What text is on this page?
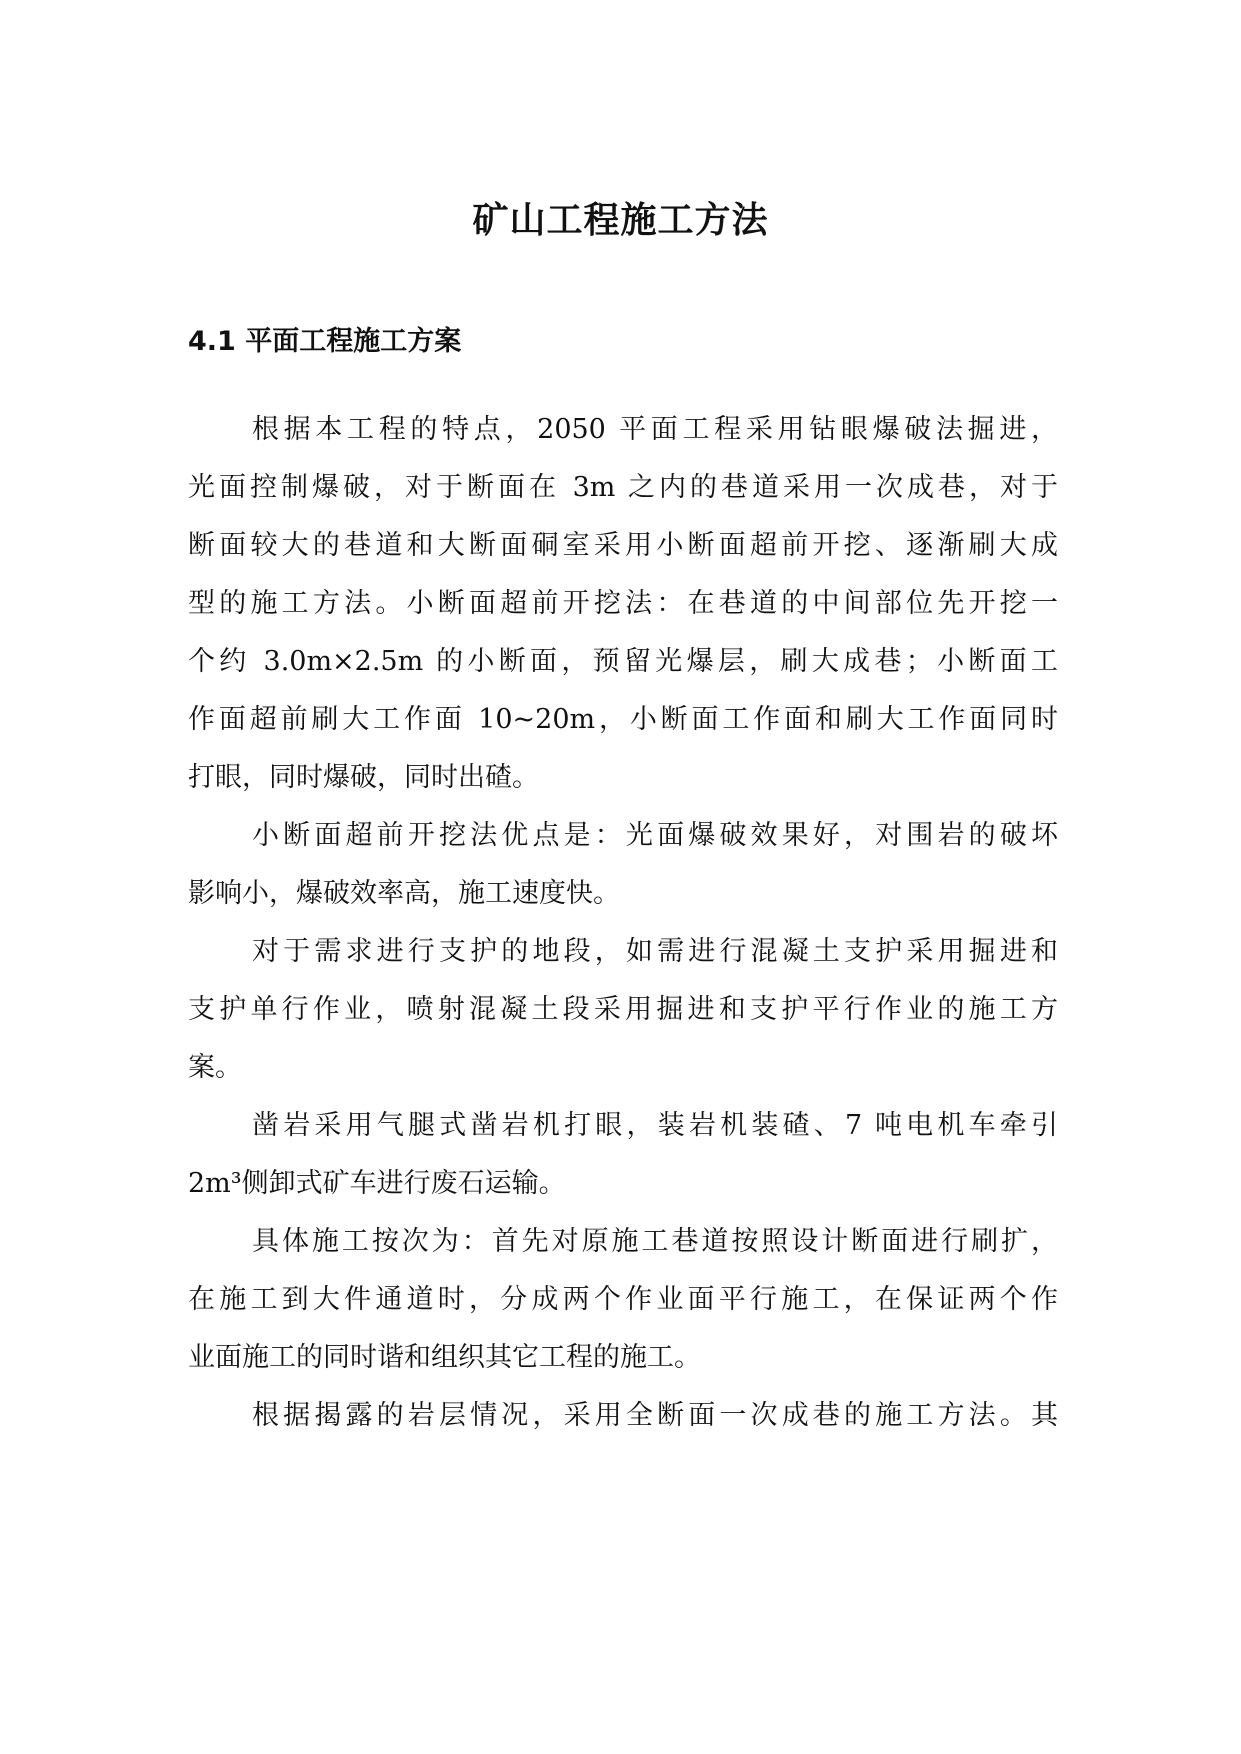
矿山工程施工方法
4.1 平面工程施工方案

根据本工程的特点，2050 平面工程采用钻眼爆破法掘进，

光面控制爆破，对于断面在 3m 之内的巷道采用一次成巷，对于

断面较大的巷道和大断面硐室采用小断面超前开挖、逐渐刷大成

型的施工方法。小断面超前开挖法：在巷道的中间部位先开挖一

个约 3.0m×2.5m 的小断面，预留光爆层，刷大成巷；小断面工

作面超前刷大工作面 10~20m，小断面工作面和刷大工作面同时

打眼，同时爆破，同时出碴。

小断面超前开挖法优点是：光面爆破效果好，对围岩的破坏

影响小，爆破效率高，施工速度快。

对于需求进行支护的地段，如需进行混凝土支护采用掘进和

支护单行作业，喷射混凝土段采用掘进和支护平行作业的施工方

案。

凿岩采用气腿式凿岩机打眼，装岩机装碴、7 吨电机车牵引

2m³侧卸式矿车进行废石运输。

具体施工按次为：首先对原施工巷道按照设计断面进行刷扩，

在施工到大件通道时，分成两个作业面平行施工，在保证两个作

业面施工的同时谐和组织其它工程的施工。

根据揭露的岩层情况，采用全断面一次成巷的施工方法。其
